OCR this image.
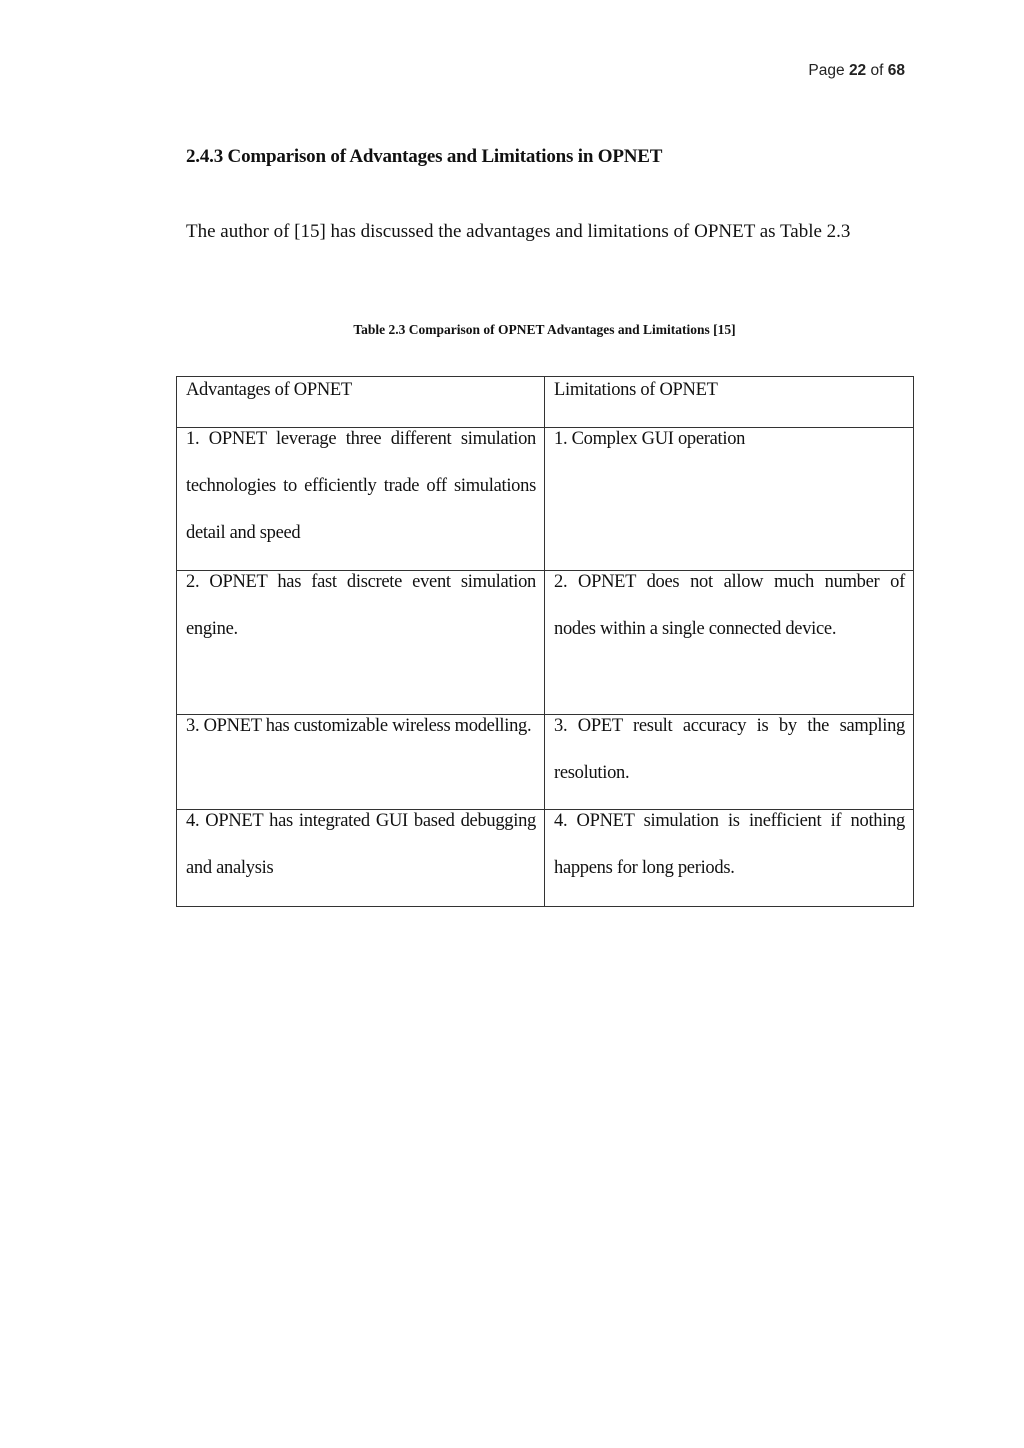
Page 22 of 68
2.4.3 Comparison of Advantages and Limitations in OPNET
The author of [15] has discussed the advantages and limitations of OPNET as Table 2.3
Table 2.3 Comparison of OPNET Advantages and Limitations [15]
Advantages of OPNET	Limitations of OPNET

1. OPNET leverage three different simulation technologies to efficiently trade off simulations detail and speed	1. Complex GUI operation

2. OPNET has fast discrete event simulation engine.	2. OPNET does not allow much number of nodes within a single connected device.

3. OPNET has customizable wireless modelling.	3. OPET result accuracy is by the sampling resolution.

4. OPNET has integrated GUI based debugging and analysis	4. OPNET simulation is inefficient if nothing happens for long periods.
